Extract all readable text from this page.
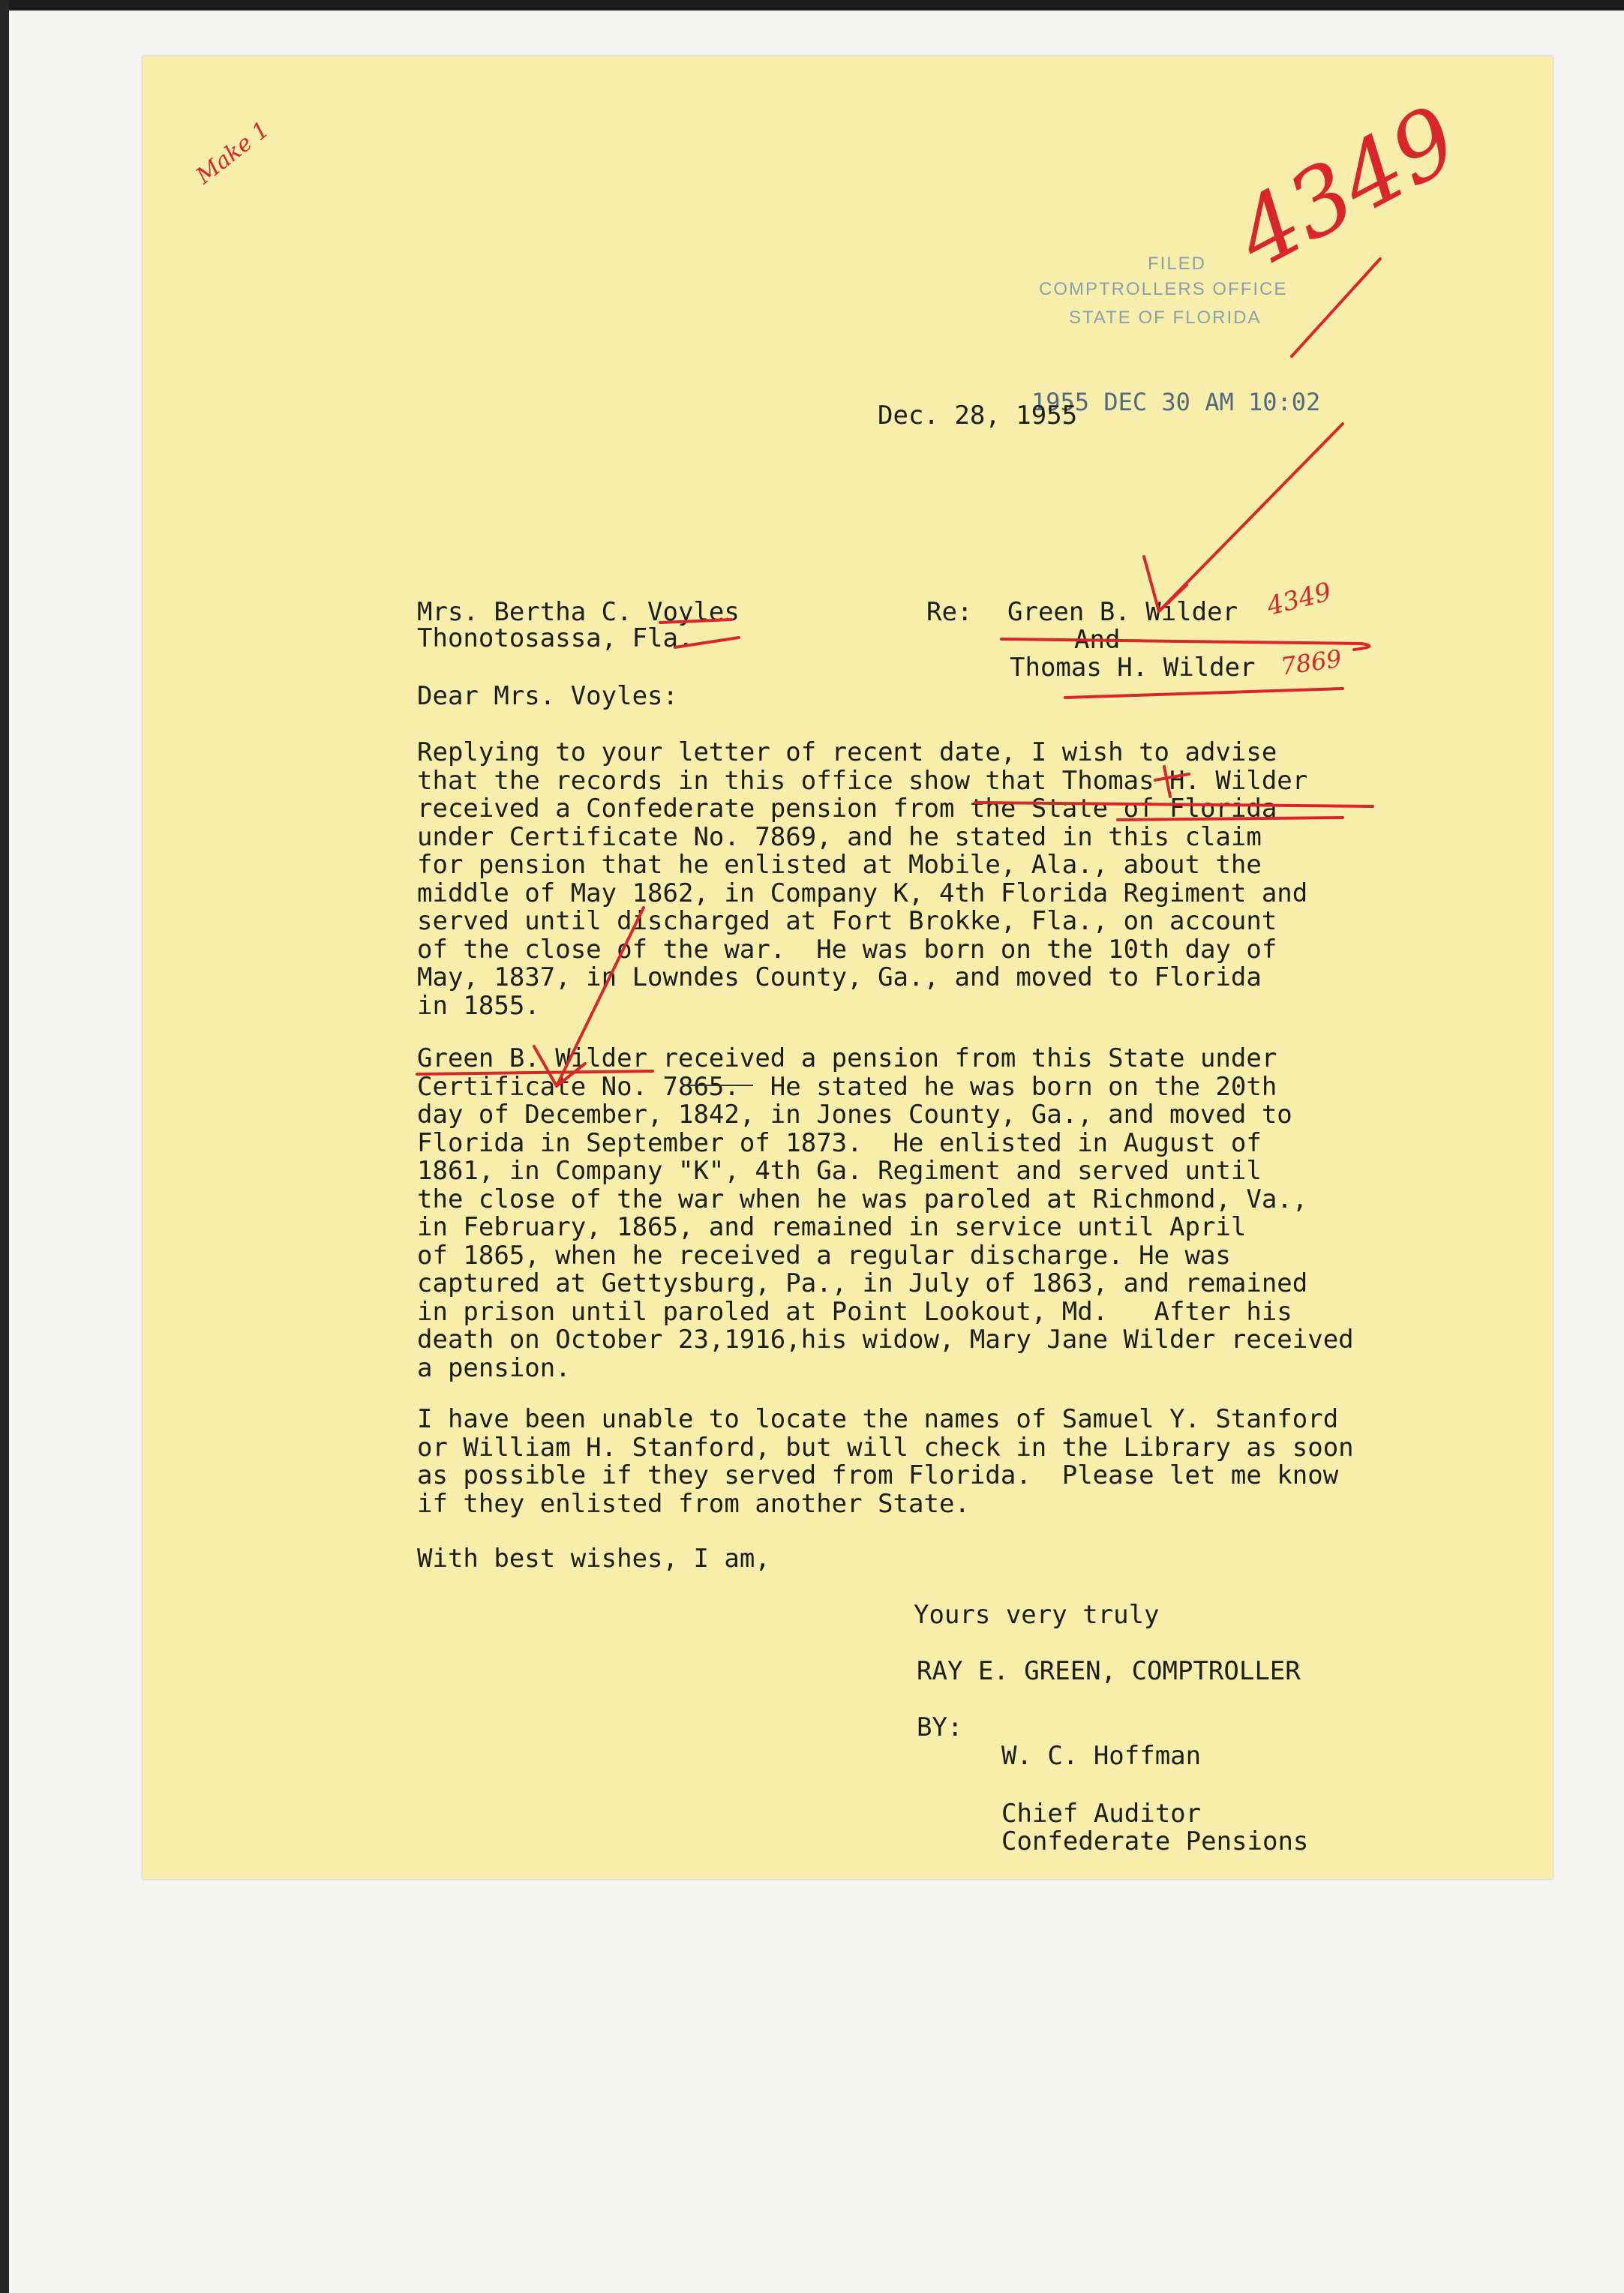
FILED
COMPTROLLERS OFFICE
STATE OF FLORIDA
1955 DEC 30 AM 10:02
Dec. 28, 1955
Mrs. Bertha C. Voyles
Thonotosassa, Fla.
Re: Green B. Wilder
And
Thomas H. Wilder
Dear Mrs. Voyles:

Replying to your letter of recent date, I wish to advise
that the records in this office show that Thomas H. Wilder
received a Confederate pension from the State of Florida
under Certificate No. 7869, and he stated in this claim
for pension that he enlisted at Mobile, Ala., about the
middle of May 1862, in Company K, 4th Florida Regiment and
served until discharged at Fort Brokke, Fla., on account
of the close of the war.  He was born on the 10th day of
May, 1837, in Lowndes County, Ga., and moved to Florida
in 1855.

Green B. Wilder received a pension from this State under
Certificate No. 7865.  He stated he was born on the 20th
day of December, 1842, in Jones County, Ga., and moved to
Florida in September of 1873.  He enlisted in August of
1861, in Company "K", 4th Ga. Regiment and served until
the close of the war when he was paroled at Richmond, Va.,
in February, 1865, and remained in service until April
of 1865, when he received a regular discharge. He was
captured at Gettysburg, Pa., in July of 1863, and remained
in prison until paroled at Point Lookout, Md.   After his
death on October 23,1916,his widow, Mary Jane Wilder received
a pension.

I have been unable to locate the names of Samuel Y. Stanford
or William H. Stanford, but will check in the Library as soon
as possible if they served from Florida.  Please let me know
if they enlisted from another State.

With best wishes, I am,
Yours very truly
RAY E. GREEN, COMPTROLLER
BY:
W. C. Hoffman
Chief Auditor
Confederate Pensions
Make 1	4349
4349
7869
